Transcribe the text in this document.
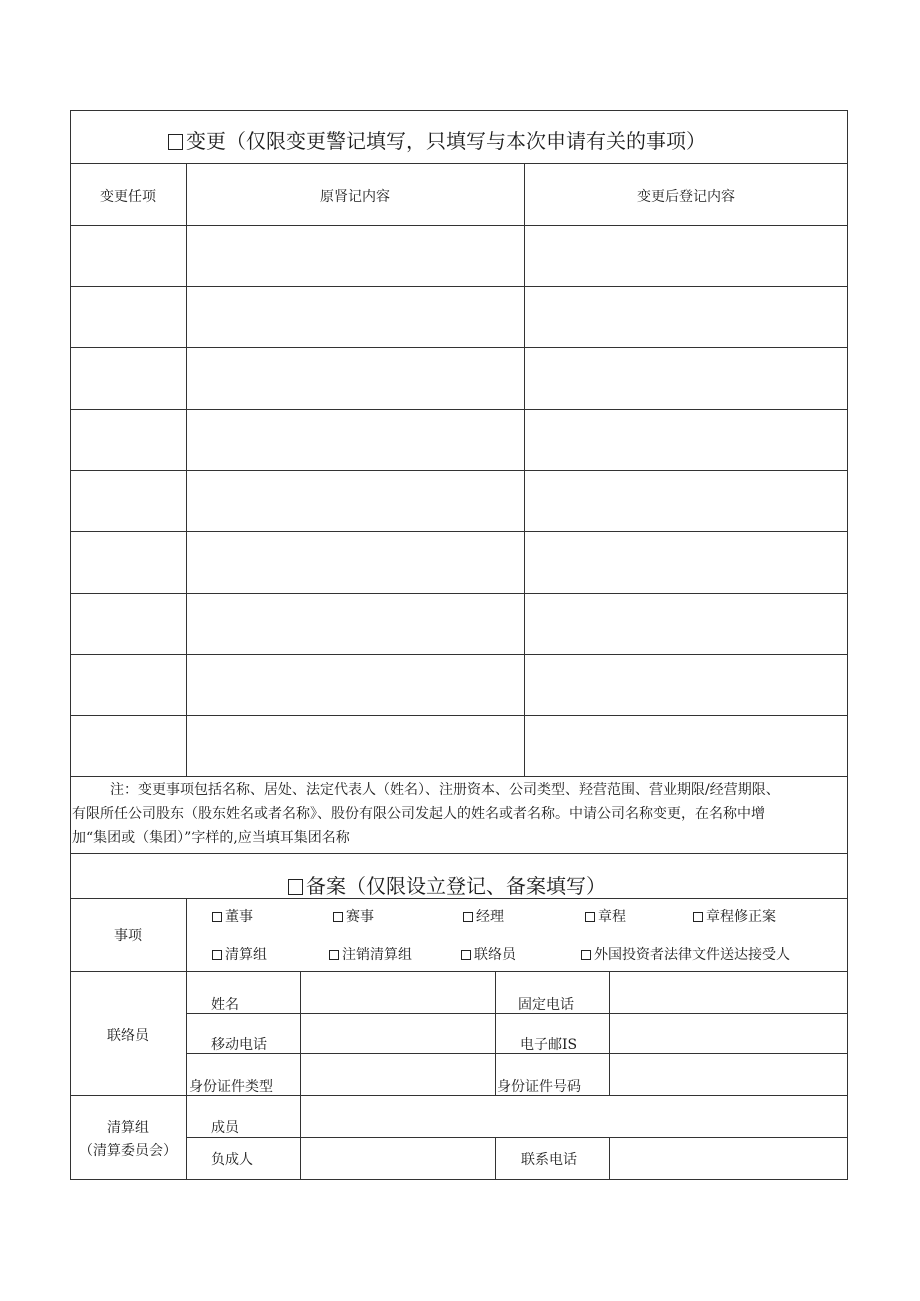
变更（仅限变更警记填写，只填写与本次申请有关的事项）
变更任项	原肾记内容	变更后登记内容
注：变更事项包括名称、居处、法定代表人（姓名）、注册资本、公司类型、羟营范围、营业期限/经营期限、
有限所任公司股东（股东姓名或者名称》、股份有限公司发起人的姓名或者名称。中请公司名称变更，在名称中增
加“集团或（集团）”字样的,应当填耳集团名称
备案（仅限设立登记、备案填写）
事项
董事	赛事	经理	章程	章程修正案
清算组	注销清算组	联络员	外国投资者法律文件送达接受人
联络员
姓名	固定电话
移动电话	电子邮IS
身份证件类型	身份证件号码
清算组
（清算委员会）
成员
负成人	联系电话
